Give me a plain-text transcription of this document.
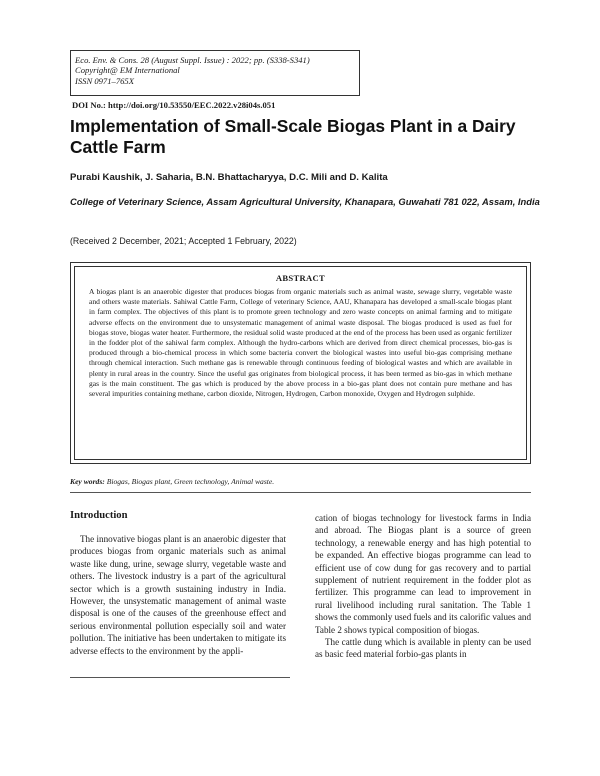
Eco. Env. & Cons. 28 (August Suppl. Issue) : 2022; pp. (S338-S341)
Copyright@ EM International
ISSN 0971–765X
DOI No.: http://doi.org/10.53550/EEC.2022.v28i04s.051
Implementation of Small-Scale Biogas Plant in a Dairy Cattle Farm
Purabi Kaushik, J. Saharia, B.N. Bhattacharyya, D.C. Mili and D. Kalita
College of Veterinary Science, Assam Agricultural University, Khanapara, Guwahati 781 022, Assam, India
(Received 2 December, 2021; Accepted 1 February, 2022)
ABSTRACT

A biogas plant is an anaerobic digester that produces biogas from organic materials such as animal waste, sewage slurry, vegetable waste and others waste materials. Sahiwal Cattle Farm, College of veterinary Science, AAU, Khanapara has developed a small-scale biogas plant in farm complex. The objectives of this plant is to promote green technology and zero waste concepts on animal farming and to mitigate adverse effects on the environment due to unsystematic management of animal waste disposal. The biogas produced is used as fuel for biogas stove, biogas water heater. Furthermore, the residual solid waste produced at the end of the process has been used as organic fertilizer in the fodder plot of the sahiwal farm complex. Although the hydro-carbons which are derived from direct chemical processes, bio-gas is produced through a bio-chemical process in which some bacteria convert the biological wastes into useful bio-gas comprising methane through chemical interaction. Such methane gas is renewable through continuous feeding of biological wastes and which are available in plenty in rural areas in the country. Since the useful gas originates from biological process, it has been termed as bio-gas in which methane gas is the main constituent. The gas which is produced by the above process in a bio-gas plant does not contain pure methane and has several impurities containing methane, carbon dioxide, Nitrogen, Hydrogen, Carbon monoxide, Oxygen and Hydrogen sulphide.

Key words: Biogas, Biogas plant, Green technology, Animal waste.
Introduction

The innovative biogas plant is an anaerobic digester that produces biogas from organic materials such as animal waste like dung, urine, sewage slurry, vegetable waste and others. The livestock industry is a part of the agricultural sector which is a growth sustaining industry in India. However, the unsystematic management of animal waste disposal is one of the causes of the greenhouse effect and serious environmental pollution especially soil and water pollution. The initiative has been undertaken to mitigate its adverse effects to the environment by the appli-

cation of biogas technology for livestock farms in India and abroad. The Biogas plant is a source of green technology, a renewable energy and has high potential to be expanded. An effective biogas programme can lead to efficient use of cow dung for gas recovery and to partial supplement of nutrient requirement in the fodder plot as fertilizer. This programme can lead to improvement in rural livelihood including rural sanitation. The Table 1 shows the commonly used fuels and its calorific values and Table 2 shows typical composition of biogas.

The cattle dung which is available in plenty can be used as basic feed material forbio-gas plants in
